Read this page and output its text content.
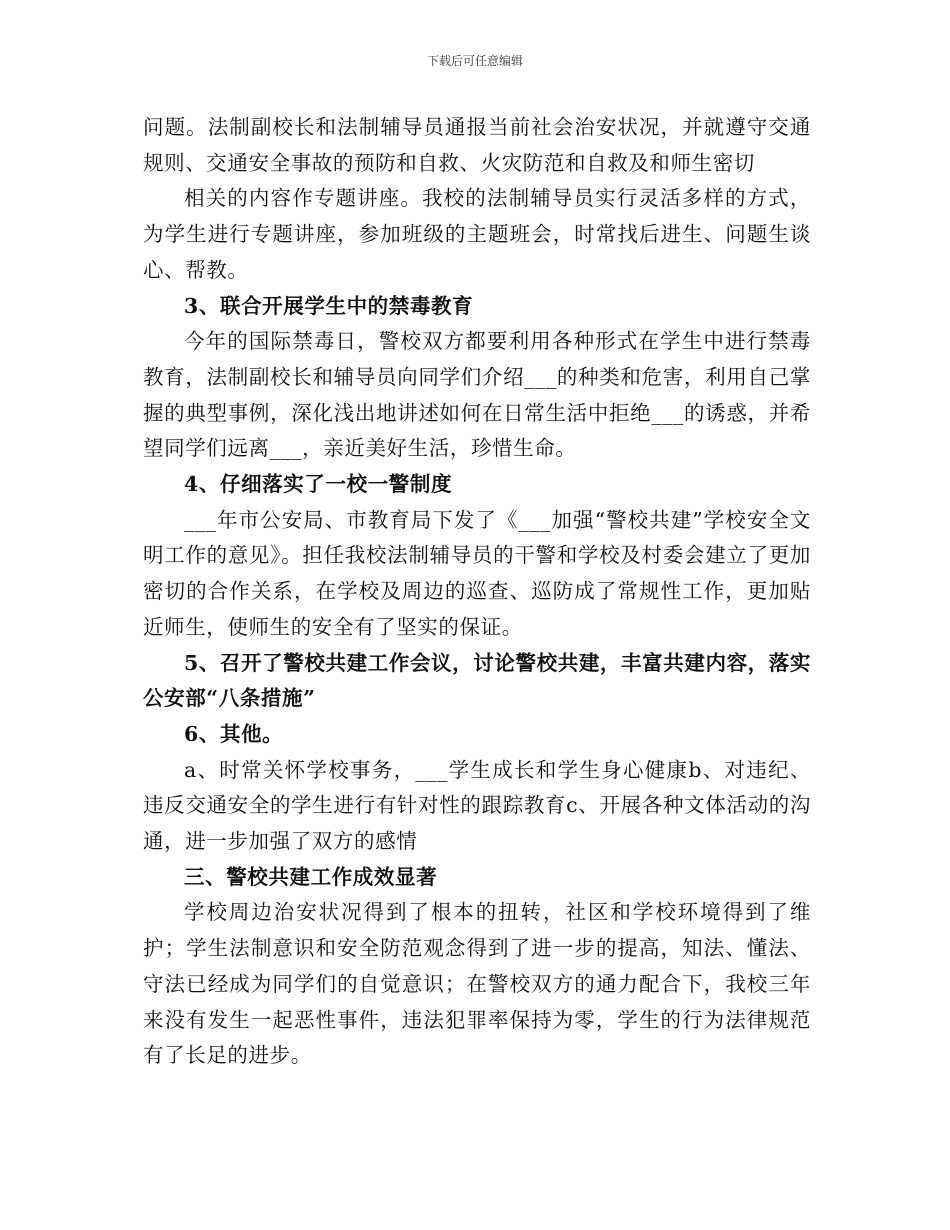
下载后可任意编辑

问题。法制副校长和法制辅导员通报当前社会治安状况，并就遵守交通规则、交通安全事故的预防和自救、火灾防范和自救及和师生密切

相关的内容作专题讲座。我校的法制辅导员实行灵活多样的方式，为学生进行专题讲座，参加班级的主题班会，时常找后进生、问题生谈心、帮教。

3、联合开展学生中的禁毒教育

今年的国际禁毒日，警校双方都要利用各种形式在学生中进行禁毒教育，法制副校长和辅导员向同学们介绍___的种类和危害，利用自己掌握的典型事例，深化浅出地讲述如何在日常生活中拒绝___的诱惑，并希望同学们远离___，亲近美好生活，珍惜生命。

4、仔细落实了一校一警制度

___年市公安局、市教育局下发了《___加强“警校共建”学校安全文明工作的意见》。担任我校法制辅导员的干警和学校及村委会建立了更加密切的合作关系，在学校及周边的巡查、巡防成了常规性工作，更加贴近师生，使师生的安全有了坚实的保证。

5、召开了警校共建工作会议，讨论警校共建，丰富共建内容，落实公安部“八条措施”

6、其他。

a、时常关怀学校事务，___学生成长和学生身心健康b、对违纪、违反交通安全的学生进行有针对性的跟踪教育c、开展各种文体活动的沟通，进一步加强了双方的感情

三、警校共建工作成效显著

学校周边治安状况得到了根本的扭转，社区和学校环境得到了维护；学生法制意识和安全防范观念得到了进一步的提高，知法、懂法、守法已经成为同学们的自觉意识；在警校双方的通力配合下，我校三年来没有发生一起恶性事件，违法犯罪率保持为零，学生的行为法律规范有了长足的进步。
